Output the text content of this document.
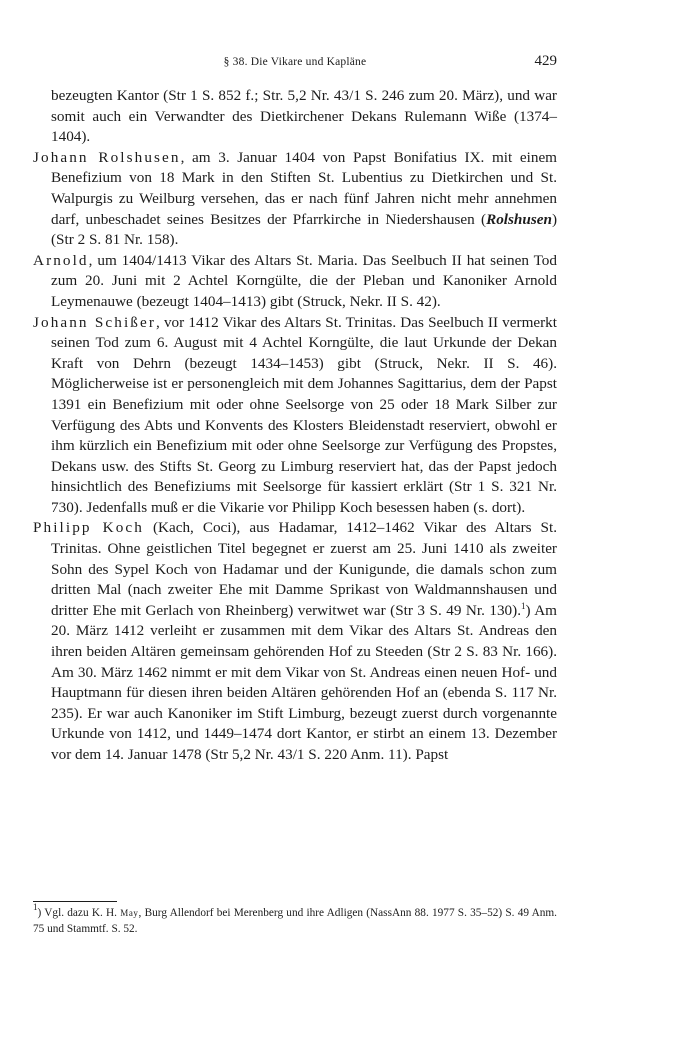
§ 38. Die Vikare und Kapläne	429

bezeugten Kantor (Str 1 S. 852 f.; Str. 5,2 Nr. 43/1 S. 246 zum 20. März), und war somit auch ein Verwandter des Dietkirchener Dekans Rulemann Wiße (1374–1404).

Johann Rolshusen, am 3. Januar 1404 von Papst Bonifatius IX. mit einem Benefizium von 18 Mark in den Stiften St. Lubentius zu Dietkirchen und St. Walpurgis zu Weilburg versehen, das er nach fünf Jahren nicht mehr annehmen darf, unbeschadet seines Besitzes der Pfarrkirche in Niedershausen (Rolshusen) (Str 2 S. 81 Nr. 158).

Arnold, um 1404/1413 Vikar des Altars St. Maria. Das Seelbuch II hat seinen Tod zum 20. Juni mit 2 Achtel Korngülte, die der Pleban und Kanoniker Arnold Leymenauwe (bezeugt 1404–1413) gibt (Struck, Nekr. II S. 42).

Johann Schißer, vor 1412 Vikar des Altars St. Trinitas. Das Seelbuch II vermerkt seinen Tod zum 6. August mit 4 Achtel Korngülte, die laut Urkunde der Dekan Kraft von Dehrn (bezeugt 1434–1453) gibt (Struck, Nekr. II S. 46). Möglicherweise ist er personengleich mit dem Johannes Sagittarius, dem der Papst 1391 ein Benefizium mit oder ohne Seelsorge von 25 oder 18 Mark Silber zur Verfügung des Abts und Konvents des Klosters Bleidenstadt reserviert, obwohl er ihm kürzlich ein Benefizium mit oder ohne Seelsorge zur Verfügung des Propstes, Dekans usw. des Stifts St. Georg zu Limburg reserviert hat, das der Papst jedoch hinsichtlich des Benefiziums mit Seelsorge für kassiert erklärt (Str 1 S. 321 Nr. 730). Jedenfalls muß er die Vikarie vor Philipp Koch besessen haben (s. dort).

Philipp Koch (Kach, Coci), aus Hadamar, 1412–1462 Vikar des Altars St. Trinitas. Ohne geistlichen Titel begegnet er zuerst am 25. Juni 1410 als zweiter Sohn des Sypel Koch von Hadamar und der Kunigunde, die damals schon zum dritten Mal (nach zweiter Ehe mit Damme Sprikast von Waldmannshausen und dritter Ehe mit Gerlach von Rheinberg) verwitwet war (Str 3 S. 49 Nr. 130).$^1$) Am 20. März 1412 verleiht er zusammen mit dem Vikar des Altars St. Andreas den ihren beiden Altären gemeinsam gehörenden Hof zu Steeden (Str 2 S. 83 Nr. 166). Am 30. März 1462 nimmt er mit dem Vikar von St. Andreas einen neuen Hof- und Hauptmann für diesen ihren beiden Altären gehörenden Hof an (ebenda S. 117 Nr. 235). Er war auch Kanoniker im Stift Limburg, bezeugt zuerst durch vorgenannte Urkunde von 1412, und 1449–1474 dort Kantor, er stirbt an einem 13. Dezember vor dem 14. Januar 1478 (Str 5,2 Nr. 43/1 S. 220 Anm. 11). Papst

$^1$) Vgl. dazu K. H. May, Burg Allendorf bei Merenberg und ihre Adligen (NassAnn 88. 1977 S. 35–52) S. 49 Anm. 75 und Stammtf. S. 52.
